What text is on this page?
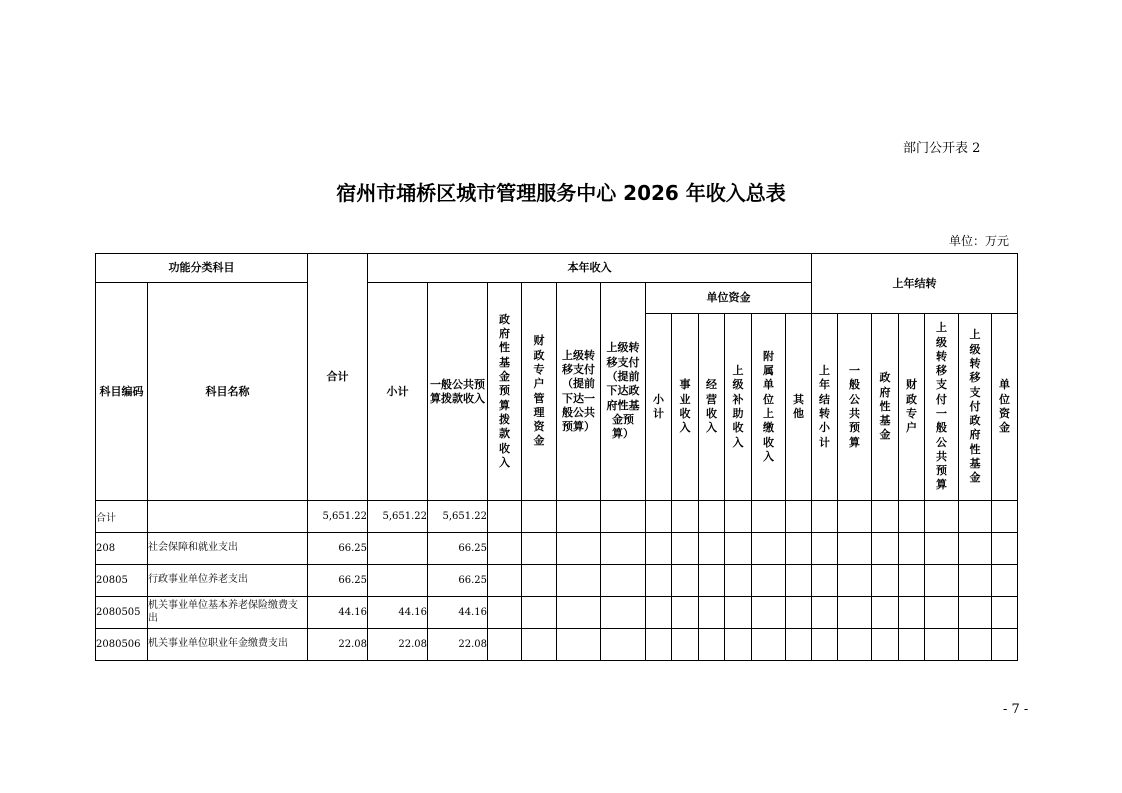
部门公开表 2
宿州市埇桥区城市管理服务中心 2026 年收入总表
单位：万元
功能分类科目		合计	本年收入												上年结转						
科目编码	科目名称		小计	一般公共预算拨款收入	政府性基金预算拨款收入	财政专户管理资金	上级转移支付（提前下达一般公共预算）	上级转移支付（提前下达政府性基金预算）	单位资金												

									小计	事业收入	经营收入	上级补助收入	附属单位上缴收入	其他	上年结转小计	一般公共预算	政府性基金	财政专户	上级转移支付一般公共预算	上级转移支付政府性基金	单位资金

合计		5,651.22	5,651.22	5,651.22																	
208	社会保障和就业支出	66.25		66.25																	
20805	行政事业单位养老支出	66.25		66.25																	
2080505	机关事业单位基本养老保险缴费支出	44.16	44.16	44.16																	
2080506	机关事业单位职业年金缴费支出	22.08	22.08	22.08																	
- 7 -
